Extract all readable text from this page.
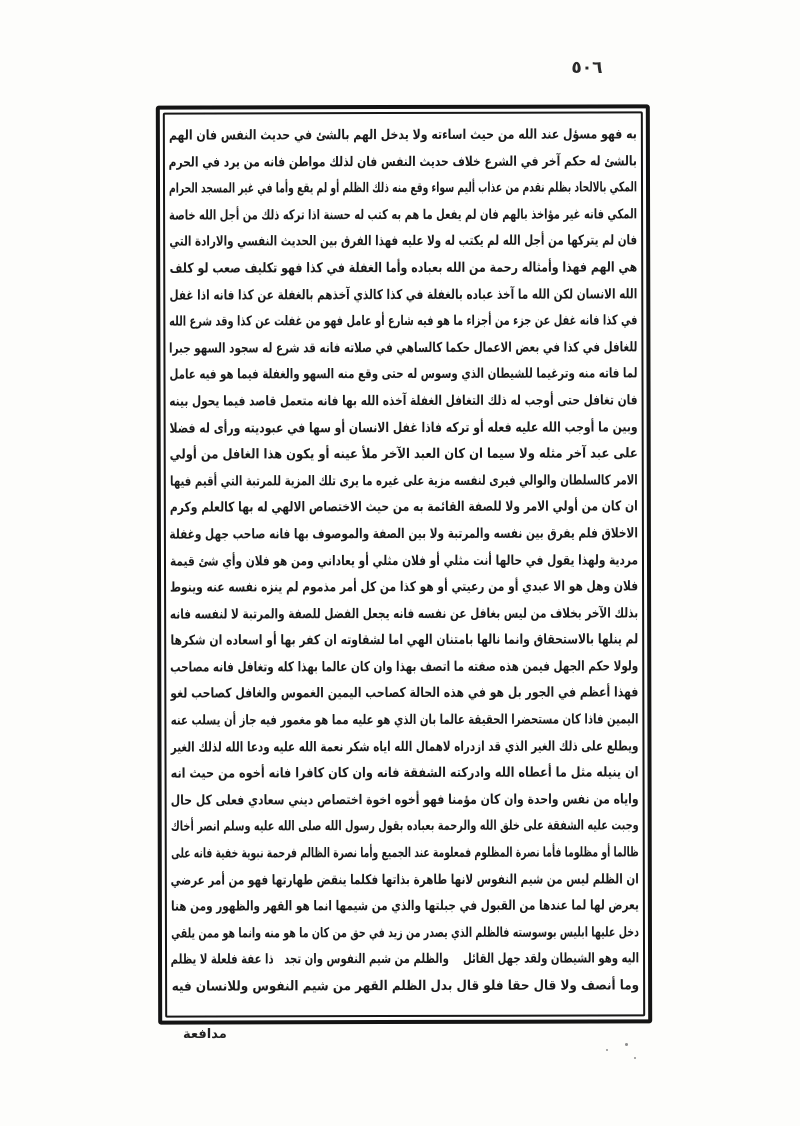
٥٠٦
به فهو مسؤل عند الله من حيث اساءته ولا يدخل الهم بالشئ في حديث النفس فان الهم
بالشئ له حكم آخر في الشرع خلاف حديث النفس فان لذلك مواطن فانه من يرد في الحرم
المكي بالالحاد بظلم نقدم من عذاب أليم سواء وقع منه ذلك الظلم أو لم يقع وأما في غير المسجد الحرام
المكي فانه غير مؤاخذ بالهم فان لم يفعل ما هم به كتب له حسنة اذا تركه ذلك من أجل الله خاصة
فان لم يتركها من أجل الله لم يكتب له ولا عليه فهذا الفرق بين الحديث النفسي والارادة التي
هي الهم فهذا وأمثاله رحمة من الله بعباده وأما الغفلة في كذا فهو تكليف صعب لو كلف
الله الانسان لكن الله ما آخذ عباده بالغفلة في كذا كالذي آخذهم بالغفلة عن كذا فانه اذا غفل
في كذا فانه غفل عن جزء من أجزاء ما هو فيه شارع أو عامل فهو من غفلت عن كذا وقد شرع الله
للغافل في كذا في بعض الاعمال حكما كالساهي في صلاته فانه قد شرع له سجود السهو جبرا
لما فاته منه وترغيما للشيطان الذي وسوس له حتى وقع منه السهو والغفلة فيما هو فيه عامل
فان تغافل حتى أوجب له ذلك التغافل الغفلة آخذه الله بها فانه متعمل قاصد فيما يحول بينه
وبين ما أوجب الله عليه فعله أو تركه فاذا غفل الانسان أو سها في عبوديته ورأى له فضلا
على عبد آخر مثله ولا سيما ان كان العبد الآخر ملأ عينه أو يكون هذا الغافل من أولي
الامر كالسلطان والوالي فيرى لنفسه مزية على غيره ما يرى تلك المزية للمرتبة التي أقيم فيها
ان كان من أولي الامر ولا للصفة القائمة به من حيث الاختصاص الالهي له بها كالعلم وكرم
الاخلاق فلم يفرق بين نفسه والمرتبة ولا بين الصفة والموصوف بها فانه صاحب جهل وغفلة
مردية ولهذا يقول في حالها أنت مثلي أو فلان مثلي أو يعاداني ومن هو فلان وأي شئ قيمة
فلان وهل هو الا عبدي أو من رعيتي أو هو كذا من كل أمر مذموم لم ينزه نفسه عنه وينوط
بذلك الآخر بخلاف من ليس بغافل عن نفسه فانه يجعل الفضل للصفة والمرتبة لا لنفسه فانه
لم ينلها بالاستحقاق وانما نالها بامتنان الهي اما لشقاوته ان كفر بها أو اسعاده ان شكرها
ولولا حكم الجهل فيمن هذه صفته ما اتصف بهذا وان كان عالما بهذا كله وتغافل فانه مصاحب
فهذا أعظم في الجور بل هو في هذه الحالة كصاحب اليمين الغموس والغافل كصاحب لغو
اليمين فاذا كان مستحضرا الحقيقة عالما بان الذي هو عليه مما هو مغمور فيه جاز أن يسلب عنه
ويطلع على ذلك الغير الذي قد ازدراه لاهمال الله اياه شكر نعمة الله عليه ودعا الله لذلك الغير
ان ينيله مثل ما أعطاه الله وادركته الشفقة فانه وان كان كافرا فانه أخوه من حيث انه
واياه من نفس واحدة وان كان مؤمنا فهو أخوه اخوة اختصاص ديني سعادي فعلى كل حال
وجبت عليه الشفقة على خلق الله والرحمة بعباده بقول رسول الله صلى الله عليه وسلم انصر أخاك
ظالما أو مظلوما فأما نصرة المظلوم فمعلومة عند الجميع وأما نصرة الظالم فرحمة نبوية خفية فانه على
ان الظلم ليس من شيم النفوس لانها طاهرة بذاتها فكلما ينقض طهارتها فهو من أمر عرضي
يعرض لها لما عندها من القبول في جبلتها والذي من شيمها انما هو القهر والظهور ومن هنا
دخل عليها ابليس بوسوسته فالظلم الذي يصدر من زيد في حق من كان ما هو منه وانما هو ممن يلقي
اليه وهو الشيطان ولقد جهل القائل    والظلم من شيم النفوس وان تجد   ذا عفة فلعلة لا يظلم
وما أنصف ولا قال حقا فلو قال بدل الظلم القهر من شيم النفوس وللانسان فيه
مدافعة
